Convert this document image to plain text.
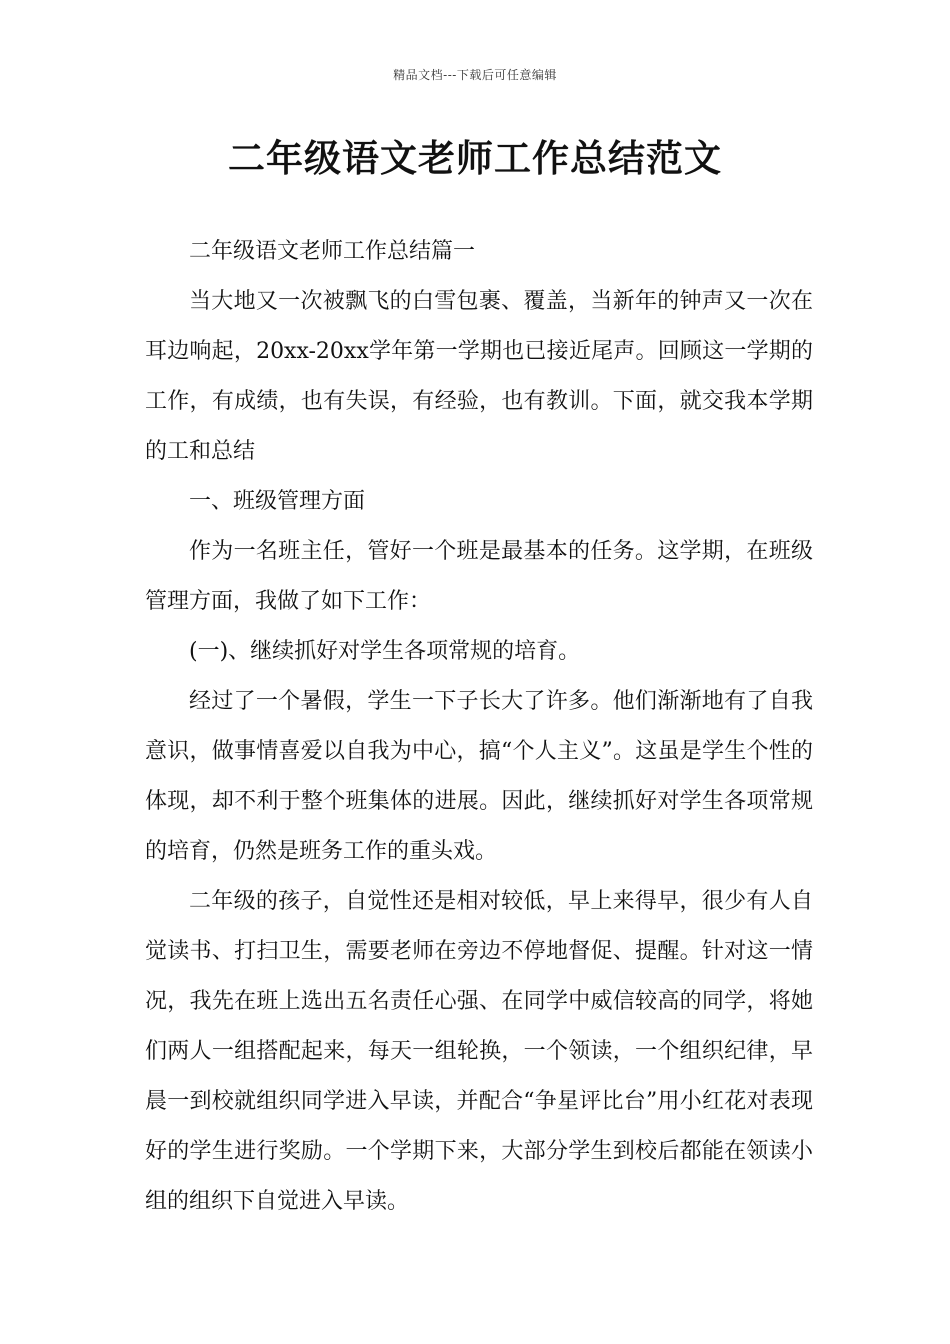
精品文档---下载后可任意编辑
二年级语文老师工作总结范文

二年级语文老师工作总结篇一

当大地又一次被飘飞的白雪包裹、覆盖，当新年的钟声又一次在耳边响起，20xx-20xx学年第一学期也已接近尾声。回顾这一学期的工作，有成绩，也有失误，有经验，也有教训。下面，就交我本学期的工和总结

一、班级管理方面

作为一名班主任，管好一个班是最基本的任务。这学期，在班级管理方面，我做了如下工作：

(一)、继续抓好对学生各项常规的培育。

经过了一个暑假，学生一下子长大了许多。他们渐渐地有了自我意识，做事情喜爱以自我为中心，搞“个人主义”。这虽是学生个性的体现，却不利于整个班集体的进展。因此，继续抓好对学生各项常规的培育，仍然是班务工作的重头戏。

二年级的孩子，自觉性还是相对较低，早上来得早，很少有人自觉读书、打扫卫生，需要老师在旁边不停地督促、提醒。针对这一情况，我先在班上选出五名责任心强、在同学中威信较高的同学，将她们两人一组搭配起来，每天一组轮换，一个领读，一个组织纪律，早晨一到校就组织同学进入早读，并配合“争星评比台”用小红花对表现好的学生进行奖励。一个学期下来，大部分学生到校后都能在领读小组的组织下自觉进入早读。
